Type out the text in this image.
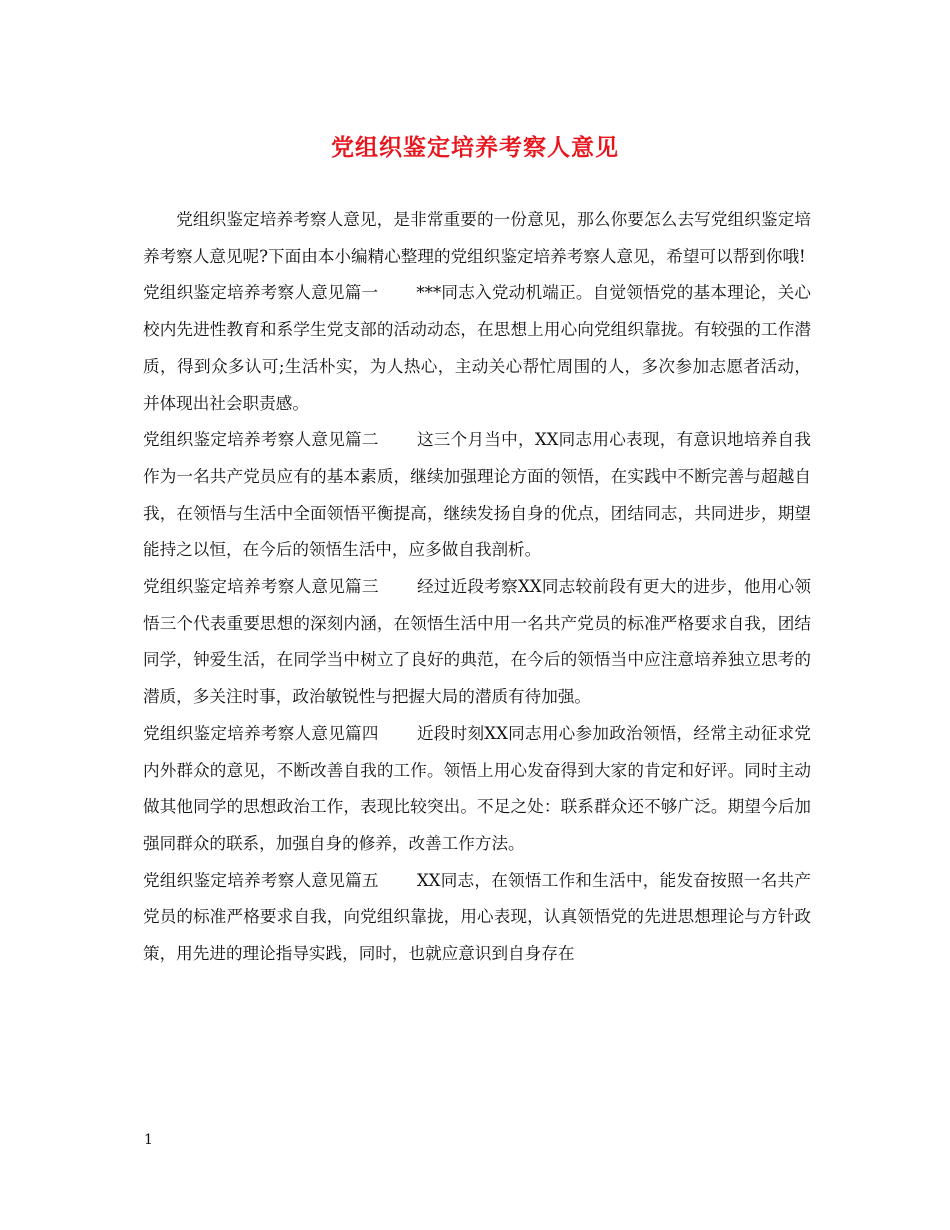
党组织鉴定培养考察人意见

党组织鉴定培养考察人意见，是非常重要的一份意见，那么你要怎么去写党组织鉴定培养考察人意见呢?下面由本小编精心整理的党组织鉴定培养考察人意见，希望可以帮到你哦!

党组织鉴定培养考察人意见篇一 ***同志入党动机端正。自觉领悟党的基本理论，关心校内先进性教育和系学生党支部的活动动态，在思想上用心向党组织靠拢。有较强的工作潜质，得到众多认可;生活朴实，为人热心，主动关心帮忙周围的人，多次参加志愿者活动，并体现出社会职责感。

党组织鉴定培养考察人意见篇二 这三个月当中，XX同志用心表现，有意识地培养自我作为一名共产党员应有的基本素质，继续加强理论方面的领悟，在实践中不断完善与超越自我，在领悟与生活中全面领悟平衡提高，继续发扬自身的优点，团结同志，共同进步，期望能持之以恒，在今后的领悟生活中，应多做自我剖析。

党组织鉴定培养考察人意见篇三 经过近段考察XX同志较前段有更大的进步，他用心领悟三个代表重要思想的深刻内涵，在领悟生活中用一名共产党员的标准严格要求自我，团结同学，钟爱生活，在同学当中树立了良好的典范，在今后的领悟当中应注意培养独立思考的潜质，多关注时事，政治敏锐性与把握大局的潜质有待加强。

党组织鉴定培养考察人意见篇四 近段时刻XX同志用心参加政治领悟，经常主动征求党内外群众的意见，不断改善自我的工作。领悟上用心发奋得到大家的肯定和好评。同时主动做其他同学的思想政治工作，表现比较突出。不足之处：联系群众还不够广泛。期望今后加强同群众的联系，加强自身的修养，改善工作方法。

党组织鉴定培养考察人意见篇五 XX同志，在领悟工作和生活中，能发奋按照一名共产党员的标准严格要求自我，向党组织靠拢，用心表现，认真领悟党的先进思想理论与方针政策，用先进的理论指导实践，同时，也就应意识到自身存在

1
